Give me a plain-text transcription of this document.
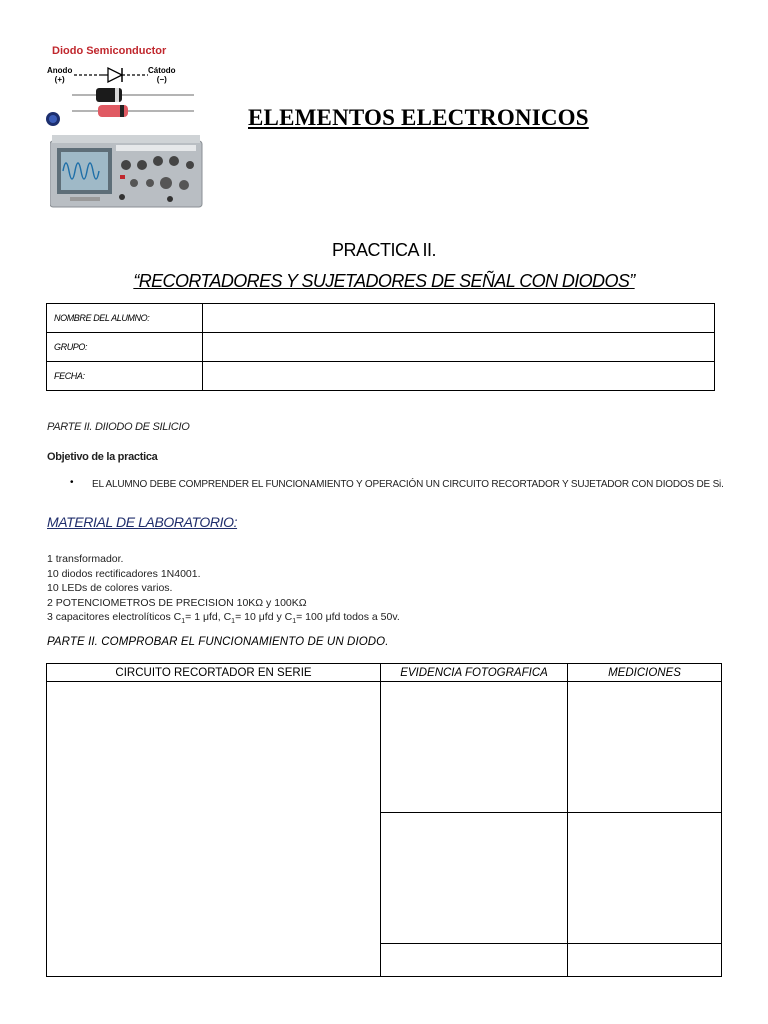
Diodo Semiconductor
Anodo
(+)
Cátodo
(−)
ELEMENTOS ELECTRONICOS
PRACTICA II.
“RECORTADORES Y SUJETADORES DE SEÑAL CON DIODOS”
NOMBRE DEL ALUMNO:	
GRUPO:	
FECHA:	
PARTE II. DIIODO DE SILICIO
Objetivo de la practica
• EL ALUMNO DEBE COMPRENDER EL FUNCIONAMIENTO Y OPERACIÓN UN CIRCUITO RECORTADOR Y SUJETADOR CON DIODOS DE Si.
MATERIAL DE LABORATORIO:
1 transformador.
10 diodos rectificadores 1N4001.
10 LEDs de colores varios.
2 POTENCIOMETROS DE PRECISION 10KΩ y 100KΩ
3 capacitores electrolíticos $C_1= 1$ μfd, $C_1= 10$ μfd y $C_1= 100$ μfd todos a 50v.
PARTE II. COMPROBAR EL FUNCIONAMIENTO DE UN DIODO.
CIRCUITO RECORTADOR EN SERIE	EVIDENCIA FOTOGRAFICA	MEDICIONES
